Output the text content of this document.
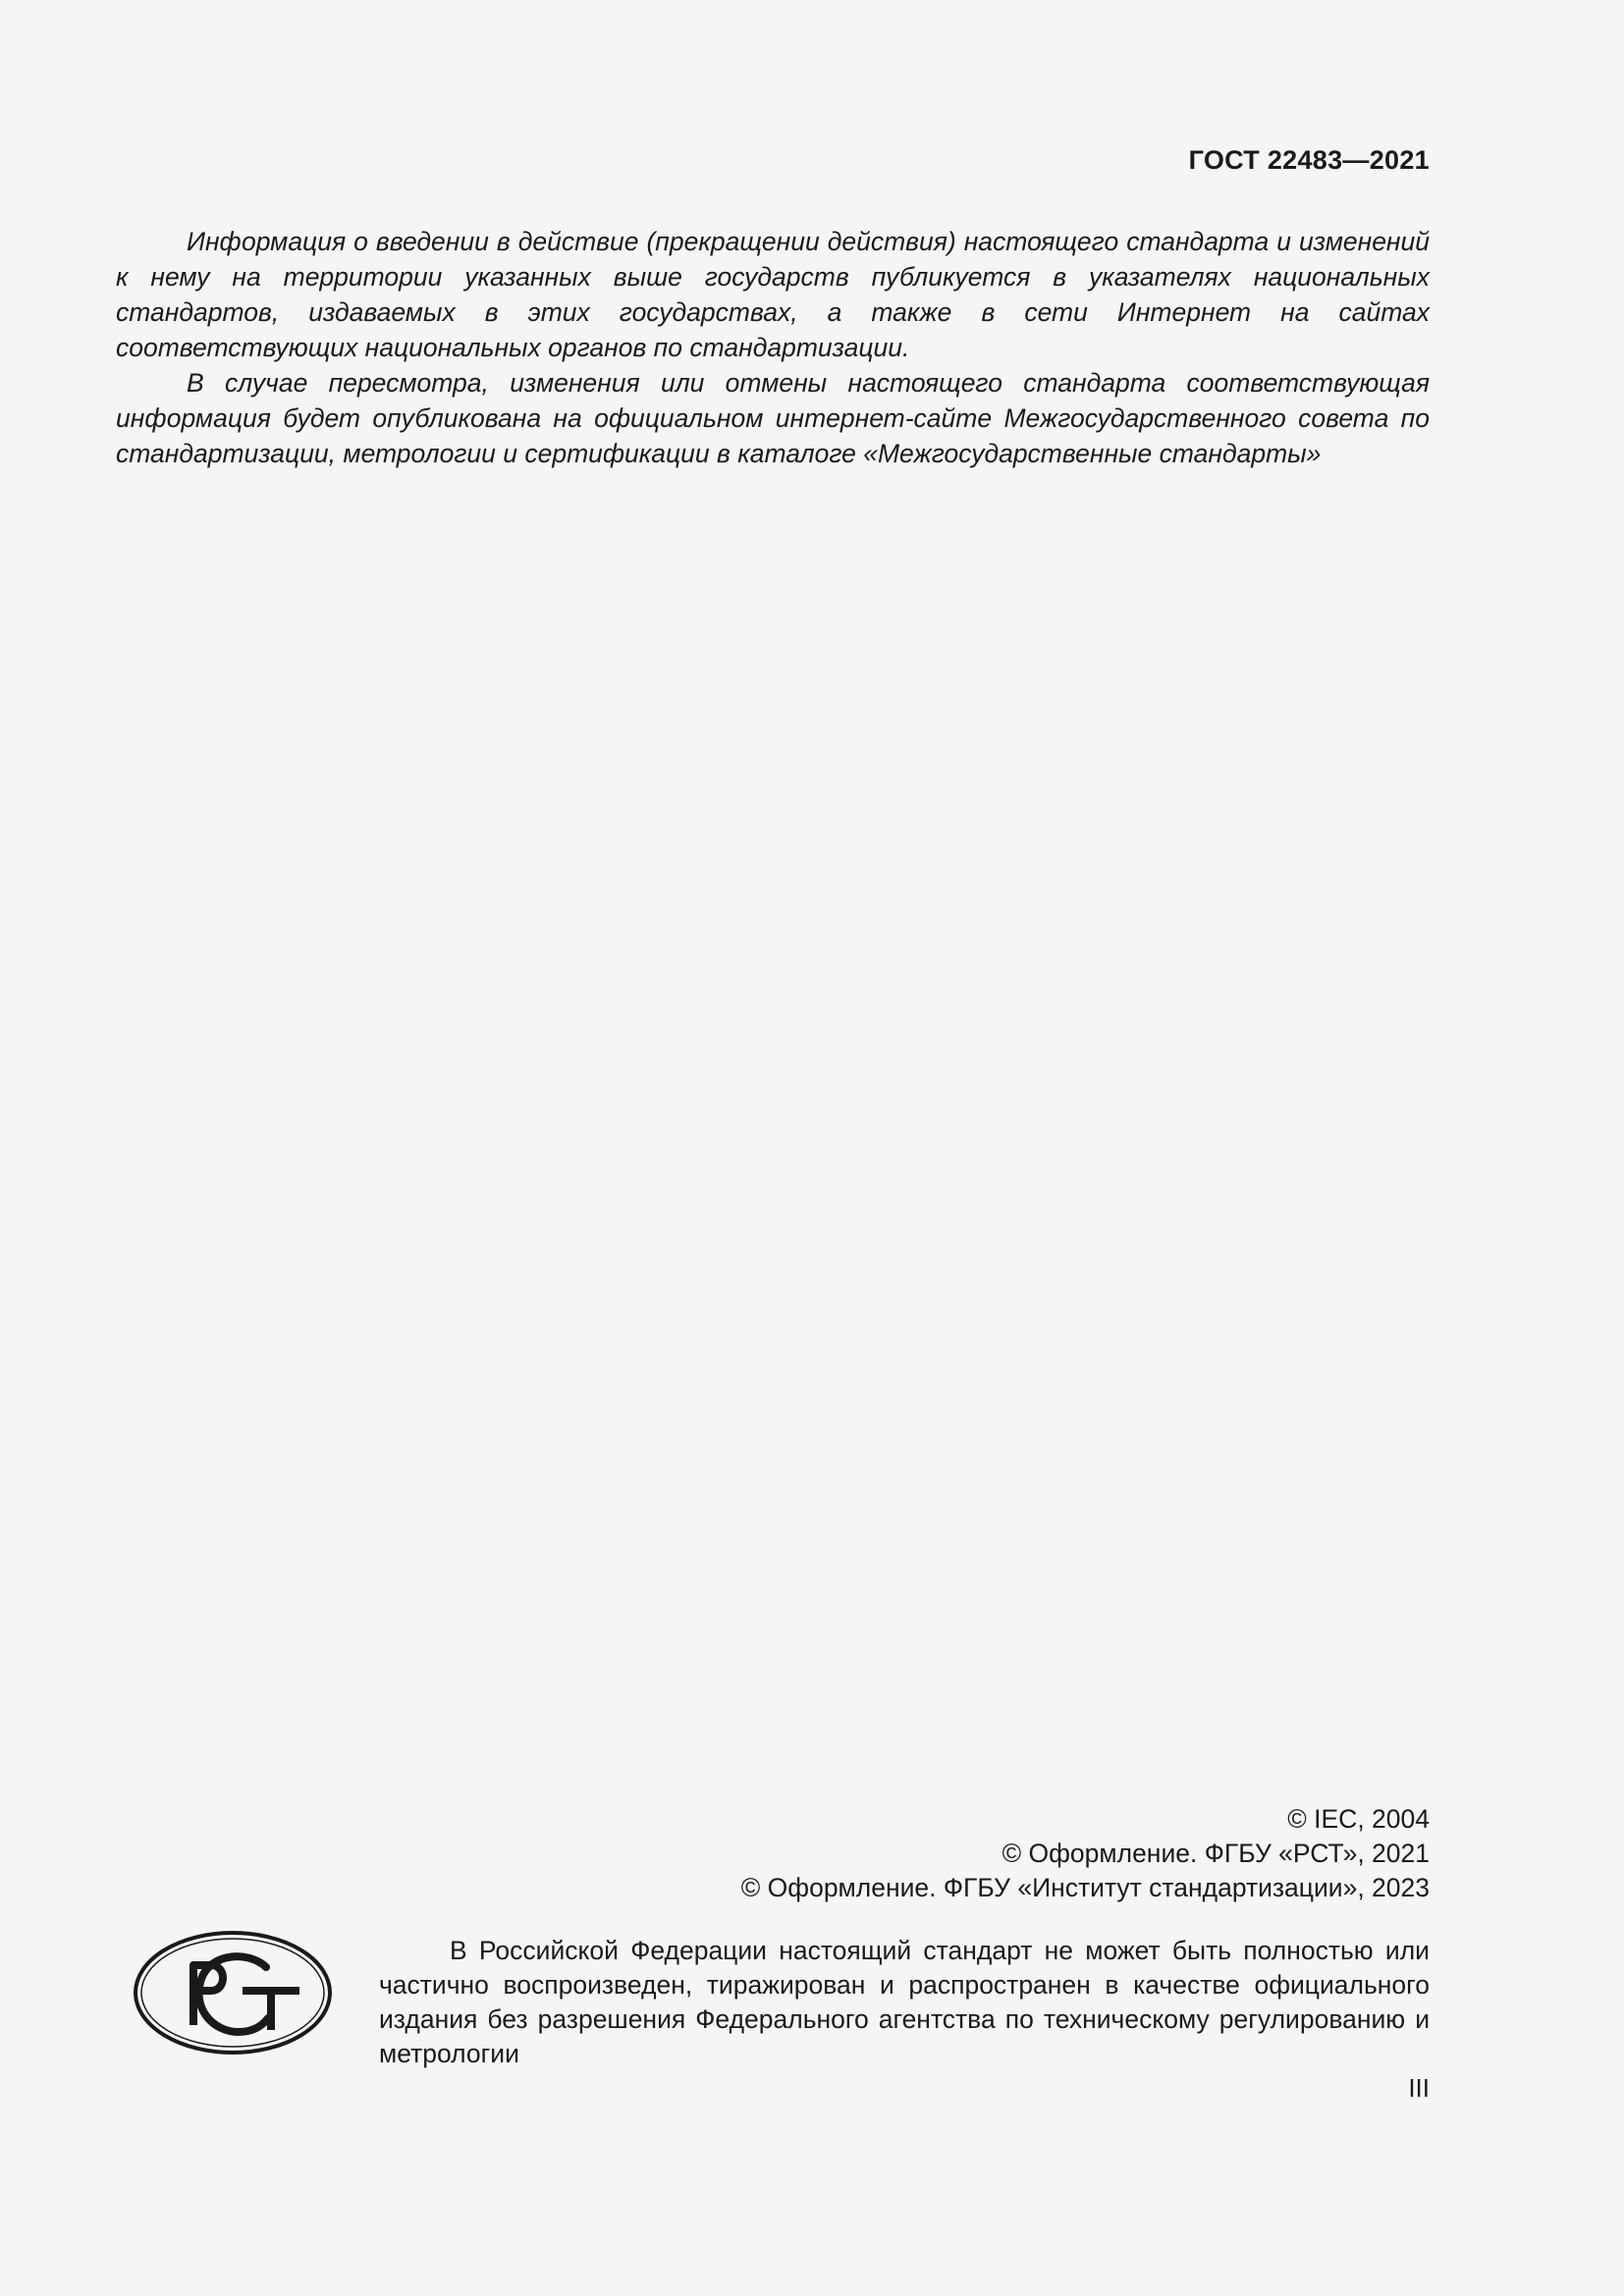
ГОСТ 22483—2021

Информация о введении в действие (прекращении действия) настоящего стандарта и изменений к нему на территории указанных выше государств публикуется в указателях национальных стандартов, издаваемых в этих государствах, а также в сети Интернет на сайтах соответствующих национальных органов по стандартизации.

В случае пересмотра, изменения или отмены настоящего стандарта соответствующая информация будет опубликована на официальном интернет-сайте Межгосударственного совета по стандартизации, метрологии и сертификации в каталоге «Межгосударственные стандарты»

© IEC, 2004
© Оформление. ФГБУ «РСТ», 2021
© Оформление. ФГБУ «Институт стандартизации», 2023

В Российской Федерации настоящий стандарт не может быть полностью или частично воспроизведен, тиражирован и распространен в качестве официального издания без разрешения Федерального агентства по техническому регулированию и метрологии

III
